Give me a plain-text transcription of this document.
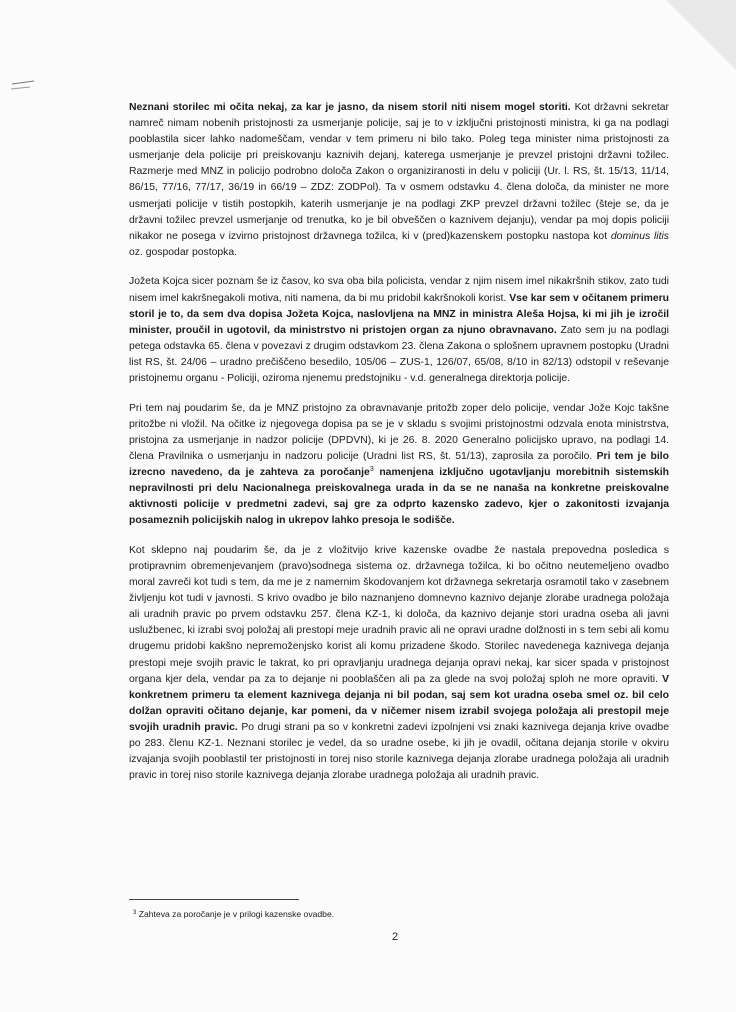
Neznani storilec mi očita nekaj, za kar je jasno, da nisem storil niti nisem mogel storiti. Kot državni sekretar namreč nimam nobenih pristojnosti za usmerjanje policije, saj je to v izključni pristojnosti ministra, ki ga na podlagi pooblastila sicer lahko nadomeščam, vendar v tem primeru ni bilo tako. Poleg tega minister nima pristojnosti za usmerjanje dela policije pri preiskovanju kaznivih dejanj, katerega usmerjanje je prevzel pristojni državni tožilec. Razmerje med MNZ in policijo podrobno določa Zakon o organiziranosti in delu v policiji (Ur. l. RS, št. 15/13, 11/14, 86/15, 77/16, 77/17, 36/19 in 66/19 – ZDZ: ZODPol). Ta v osmem odstavku 4. člena določa, da minister ne more usmerjati policije v tistih postopkih, katerih usmerjanje je na podlagi ZKP prevzel državni tožilec (šteje se, da je državni tožilec prevzel usmerjanje od trenutka, ko je bil obveščen o kaznivem dejanju), vendar pa moj dopis policiji nikakor ne posega v izvirno pristojnost državnega tožilca, ki v (pred)kazenskem postopku nastopa kot dominus litis oz. gospodar postopka.

Jožeta Kojca sicer poznam še iz časov, ko sva oba bila policista, vendar z njim nisem imel nikakršnih stikov, zato tudi nisem imel kakršnegakoli motiva, niti namena, da bi mu pridobil kakršnokoli korist. Vse kar sem v očitanem primeru storil je to, da sem dva dopisa Jožeta Kojca, naslovljena na MNZ in ministra Aleša Hojsa, ki mi jih je izročil minister, proučil in ugotovil, da ministrstvo ni pristojen organ za njuno obravnavano. Zato sem ju na podlagi petega odstavka 65. člena v povezavi z drugim odstavkom 23. člena Zakona o splošnem upravnem postopku (Uradni list RS, št. 24/06 – uradno prečiščeno besedilo, 105/06 – ZUS-1, 126/07, 65/08, 8/10 in 82/13) odstopil v reševanje pristojnemu organu - Policiji, oziroma njenemu predstojniku - v.d. generalnega direktorja policije.

Pri tem naj poudarim še, da je MNZ pristojno za obravnavanje pritožb zoper delo policije, vendar Jože Kojc takšne pritožbe ni vložil. Na očitke iz njegovega dopisa pa se je v skladu s svojimi pristojnostmi odzvala enota ministrstva, pristojna za usmerjanje in nadzor policije (DPDVN), ki je 26. 8. 2020 Generalno policijsko upravo, na podlagi 14. člena Pravilnika o usmerjanju in nadzoru policije (Uradni list RS, št. 51/13), zaprosila za poročilo. Pri tem je bilo izrecno navedeno, da je zahteva za poročanje$^3$ namenjena izključno ugotavljanju morebitnih sistemskih nepravilnosti pri delu Nacionalnega preiskovalnega urada in da se ne nanaša na konkretne preiskovalne aktivnosti policije v predmetni zadevi, saj gre za odprto kazensko zadevo, kjer o zakonitosti izvajanja posameznih policijskih nalog in ukrepov lahko presoja le sodišče.

Kot sklepno naj poudarim še, da je z vložitvijo krive kazenske ovadbe že nastala prepovedna posledica s protipravnim obremenjevanjem (pravo)sodnega sistema oz. državnega tožilca, ki bo očitno neutemeljeno ovadbo moral zavreči kot tudi s tem, da me je z namernim škodovanjem kot državnega sekretarja osramotil tako v zasebnem življenju kot tudi v javnosti. S krivo ovadbo je bilo naznanjeno domnevno kaznivo dejanje zlorabe uradnega položaja ali uradnih pravic po prvem odstavku 257. člena KZ-1, ki določa, da kaznivo dejanje stori uradna oseba ali javni uslužbenec, ki izrabi svoj položaj ali prestopi meje uradnih pravic ali ne opravi uradne dolžnosti in s tem sebi ali komu drugemu pridobi kakšno nepremoženjsko korist ali komu prizadene škodo. Storilec navedenega kaznivega dejanja prestopi meje svojih pravic le takrat, ko pri opravljanju uradnega dejanja opravi nekaj, kar sicer spada v pristojnost organa kjer dela, vendar pa za to dejanje ni pooblaščen ali pa za glede na svoj položaj sploh ne more opraviti. V konkretnem primeru ta element kaznivega dejanja ni bil podan, saj sem kot uradna oseba smel oz. bil celo dolžan opraviti očitano dejanje, kar pomeni, da v ničemer nisem izrabil svojega položaja ali prestopil meje svojih uradnih pravic. Po drugi strani pa so v konkretni zadevi izpolnjeni vsi znaki kaznivega dejanja krive ovadbe po 283. členu KZ-1. Neznani storilec je vedel, da so uradne osebe, ki jih je ovadil, očitana dejanja storile v okviru izvajanja svojih pooblastil ter pristojnosti in torej niso storile kaznivega dejanja zlorabe uradnega položaja ali uradnih pravic in torej niso storile kaznivega dejanja zlorabe uradnega položaja ali uradnih pravic.

$^3$ Zahteva za poročanje je v prilogi kazenske ovadbe.
2
